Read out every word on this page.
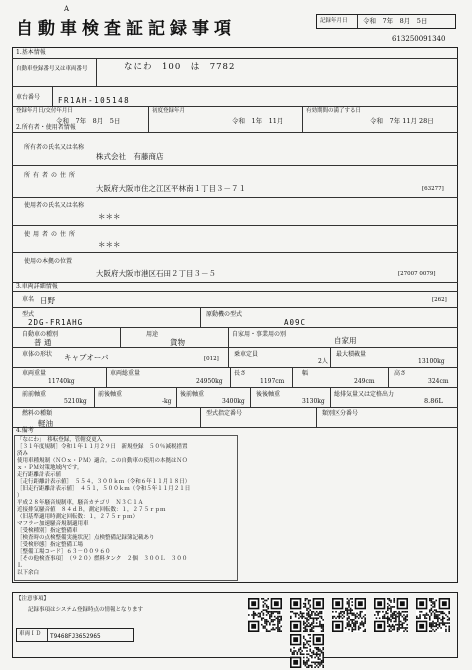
A
自動車検査証記録事項	記録年月日 令和　7年　8月　5日
613250091340
1.基本情報
自動車登録番号又は車両番号	なにわ　100　は　7782
車台番号 FR1AH-105148
登録年月日/交付年月日
令和　7年　8月　5日
初度登録年月
令和　1年　11月
有効期間の満了する日
令和　7年 11月 28日
2.所有者・使用者情報
所有者の氏名又は名称
株式会社　有藤商店
所有者の住所
大阪府大阪市住之江区平林南１丁目３－７１	[63277]
使用者の氏名又は名称
＊＊＊
使用者の住所
＊＊＊
使用の本拠の位置
大阪府大阪市港区石田２丁目３－５	[27007 0079]
3.車両詳細情報
車名 日野	[262]
型式
2DG-FR1AHG
原動機の型式
A09C
自動車の種別
普 通
用途
貨物
自家用・事業用の別
自家用
車体の形状 キャブオーバ	[012]
乗車定員
2人
最大積載量
13100kg
車両重量
11740kg
車両総重量
24950kg
長さ
1197cm
幅
249cm
高さ
324cm
前前軸重
5210kg
前後軸重
-kg
後前軸重
3400kg
後後軸重
3130kg
総排気量又は定格出力
8.86L
燃料の種類
軽油
型式指定番号	類別区分番号
4.備考
「なにわ」　移転登録，管轄変更入
［３１年度規制］令和１年１１月２９日　新規登録　５０％減税措置
済み
使用車種規制（ＮＯｘ・ＰＭ）適合。この自動車の使用の本拠はＮＯ
ｘ・ＰＭ対策地域内です。
走行距離計表示値
［走行距離計表示値］　５５４，３００ｋｍ（令和６年１１月１８日）
［旧走行距離計表示値］　４５１，５００ｋｍ（令和５年１１月２１日
）
平成２８年騒音規制車，騒音カテゴリ　Ｎ３Ｃ１Ａ
近接排気騒音値　８４ｄＢ，測定回転数：１，２７５ｒｐｍ
（旧基準適用時測定回転数：１，２７５ｒｐｍ）
マフラー加速騒音規制適用車
［受検種別］指定整備車
［検査時の点検整備実施状況］点検整備記録簿記載あり
［受検形態］指定整備工場
［整備工場コード］６３－００９６０
［その他検査事項］　（９２０）燃料タンク　２個　３００Ｌ　３００
Ｌ
以下余白
【注意事項】
記録事項はシステム登録時点の情報となります
車両ＩＤ T9468FJ3652965
